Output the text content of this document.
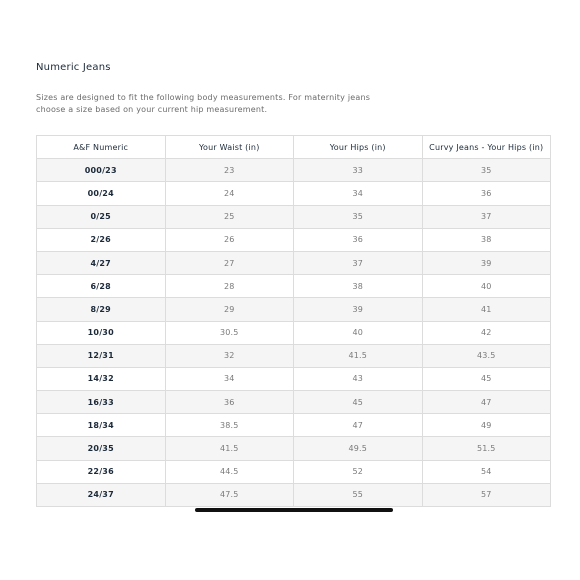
Numeric Jeans

Sizes are designed to fit the following body measurements. For maternity jeans choose a size based on your current hip measurement.

A&F Numeric	Your Waist (in)	Your Hips (in)	Curvy Jeans - Your Hips (in)
000/23	23	33	35
00/24	24	34	36
0/25	25	35	37
2/26	26	36	38
4/27	27	37	39
6/28	28	38	40
8/29	29	39	41
10/30	30.5	40	42
12/31	32	41.5	43.5
14/32	34	43	45
16/33	36	45	47
18/34	38.5	47	49
20/35	41.5	49.5	51.5
22/36	44.5	52	54
24/37	47.5	55	57
